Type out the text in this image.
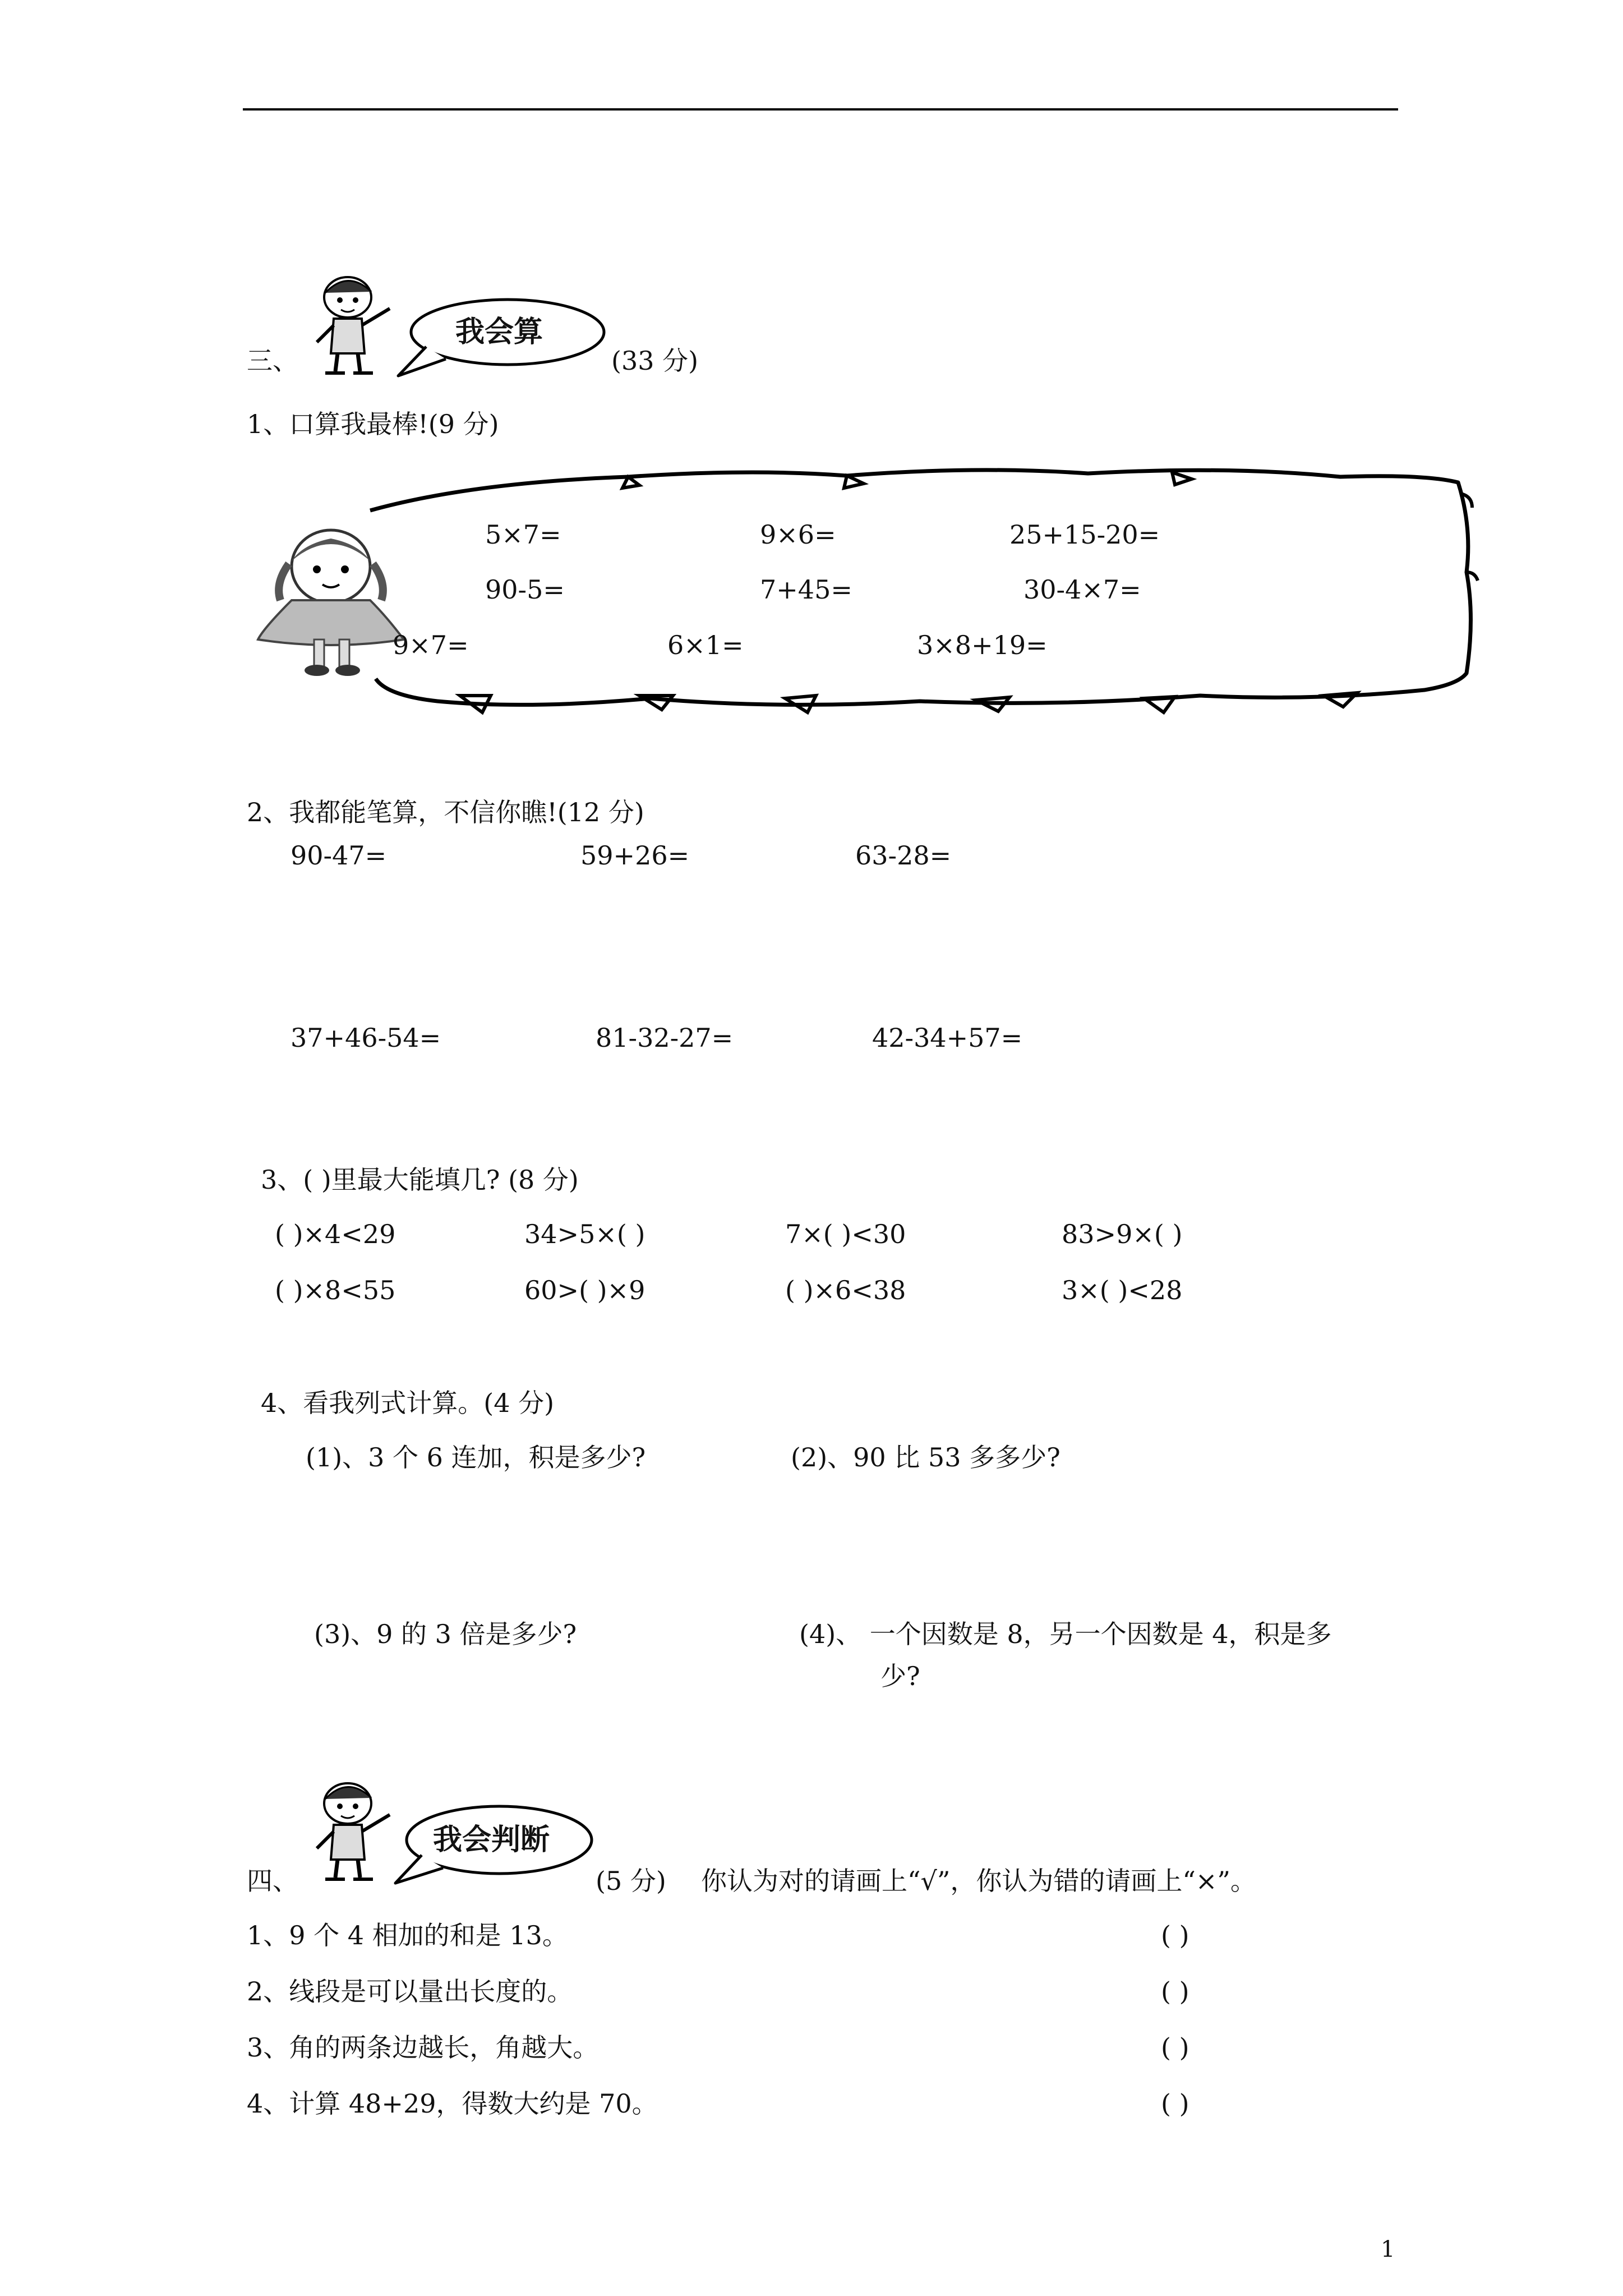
三、
我会算
(33 分)
1、口算我最棒!(9 分)
5×7=	9×6=	25+15-20=
90-5=	7+45=	30-4×7=
9×7=	6×1=	3×8+19=
2、我都能笔算，不信你瞧!(12 分)
90-47=	59+26=	63-28=
37+46-54=	81-32-27=	42-34+57=
3、( )里最大能填几? (8 分)
( )×4<29	34>5×( )	7×( )<30	83>9×( )
( )×8<55	60>( )×9	( )×6<38	3×( )<28
4、看我列式计算。(4 分)
(1)、3 个 6 连加，积是多少?	(2)、90 比 53 多多少?
(3)、9 的 3 倍是多少?	(4)、 一个因数是 8，另一个因数是 4，积是多
少?
四、
我会判断
(5 分) 你认为对的请画上“√”，你认为错的请画上“×”。
1、9 个 4 相加的和是 13。	( )
2、线段是可以量出长度的。	( )
3、角的两条边越长，角越大。	( )
4、计算 48+29，得数大约是 70。	( )
1
